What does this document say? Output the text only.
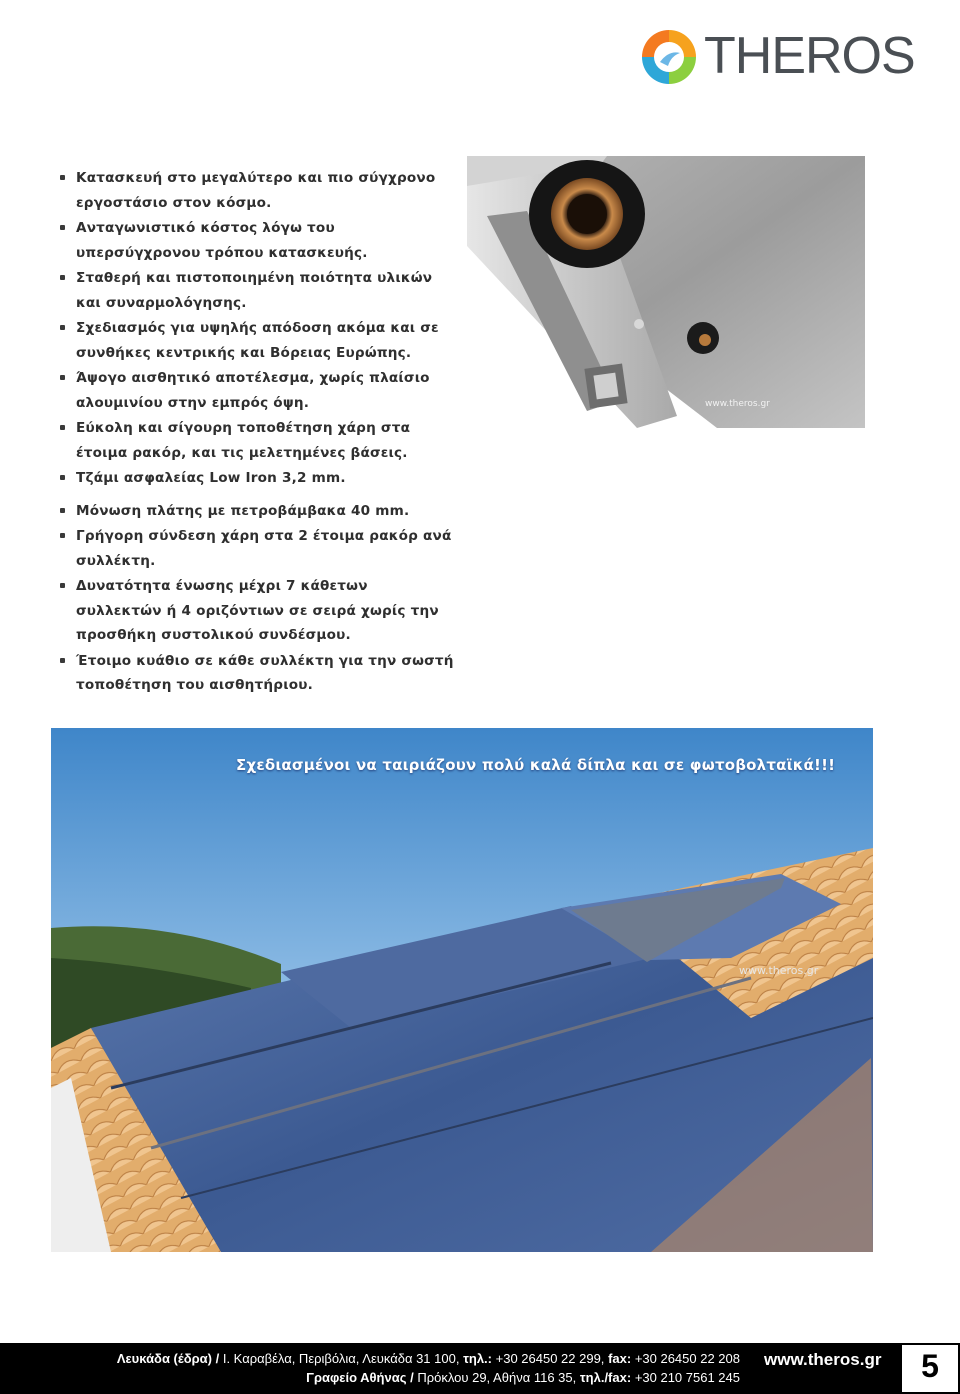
THEROS
Κατασκευή στο μεγαλύτερο και πιο σύγχρονο εργοστάσιο στον κόσμο.
Ανταγωνιστικό κόστος λόγω του υπερσύγχρονου τρόπου κατασκευής.
Σταθερή και πιστοποιημένη ποιότητα υλικών και συναρμολόγησης.
Σχεδιασμός για υψηλής απόδοση ακόμα και σε συνθήκες κεντρικής και Βόρειας Ευρώπης.
Άψογο αισθητικό αποτέλεσμα, χωρίς πλαίσιο αλουμινίου στην εμπρός όψη.
Εύκολη και σίγουρη τοποθέτηση χάρη στα έτοιμα ρακόρ, και τις μελετημένες βάσεις.
Τζάμι ασφαλείας Low Iron 3,2 mm.
Μόνωση πλάτης με πετροβάμβακα 40 mm.
Γρήγορη σύνδεση χάρη στα 2 έτοιμα ρακόρ ανά συλλέκτη.
Δυνατότητα ένωσης μέχρι 7 κάθετων συλλεκτών ή 4 οριζόντιων σε σειρά χωρίς την προσθήκη συστολικού συνδέσμου.
Έτοιμο κυάθιο σε κάθε συλλέκτη για την σωστή τοποθέτηση του αισθητήριου.
www.theros.gr
www.theros.gr
Σχεδιασμένοι να ταιριάζουν πολύ καλά δίπλα και σε φωτοβολταϊκά!!!
Λευκάδα (έδρα) / Ι. Καραβέλα, Περιβόλια, Λευκάδα 31 100, τηλ.: +30 26450 22 299, fax: +30 26450 22 208
Γραφείο Αθήνας / Πρόκλου 29, Αθήνα 116 35, τηλ./fax: +30 210 7561 245
www.theros.gr	5
